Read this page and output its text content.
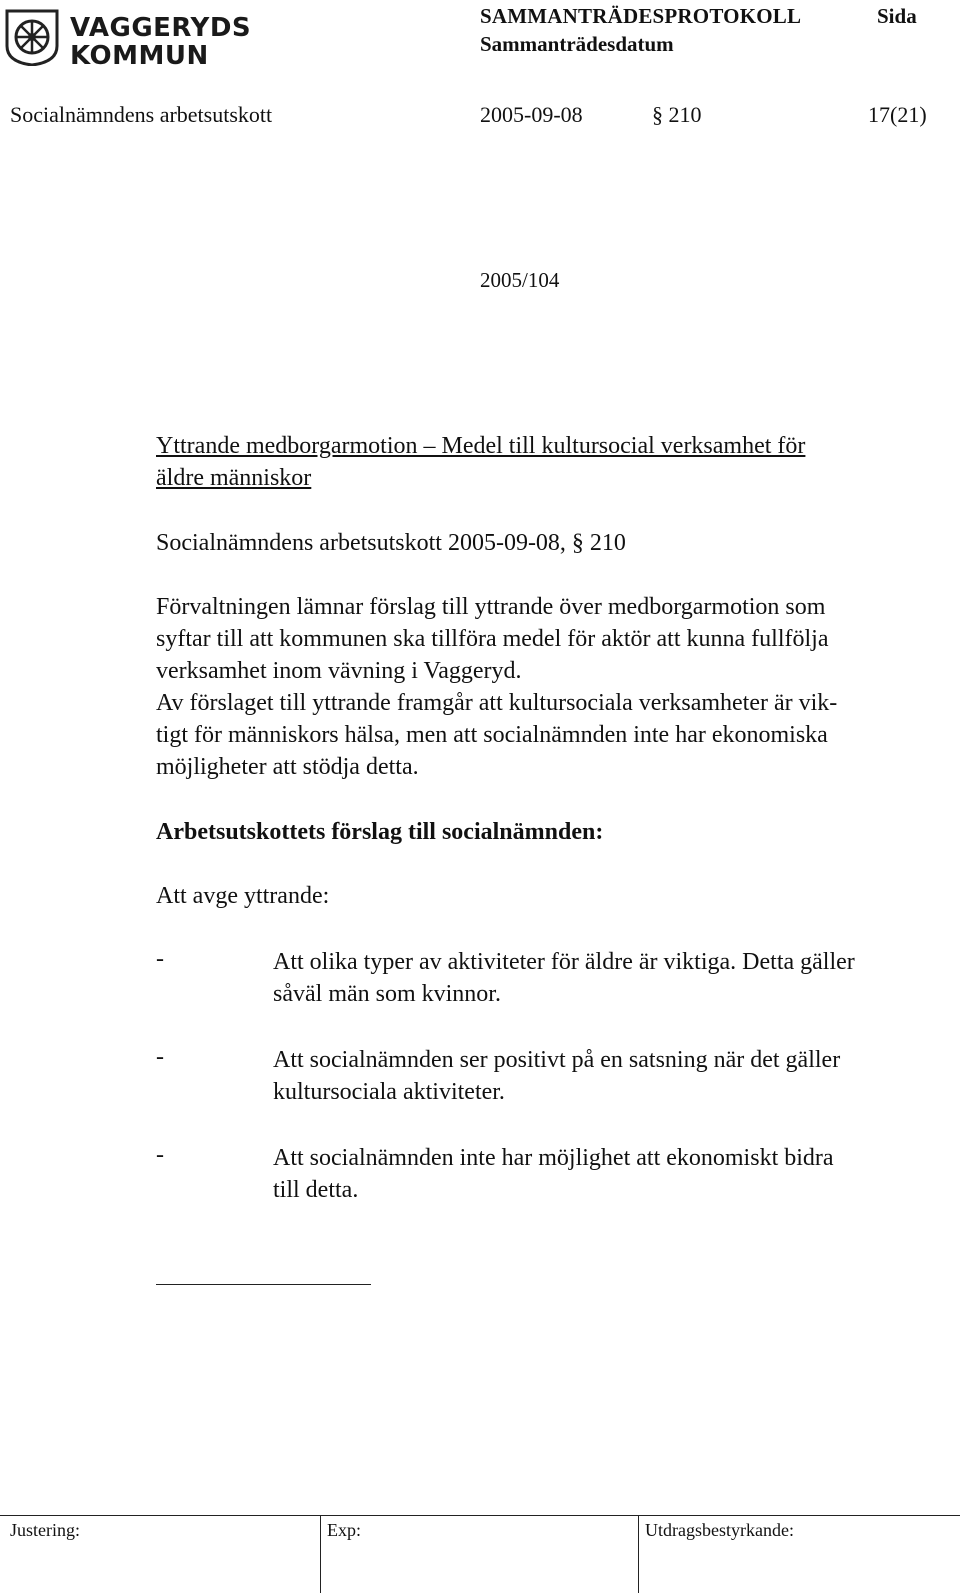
VAGGERYDS
KOMMUN
SAMMANTRÄDESPROTOKOLL	Sida
Sammanträdesdatum
Socialnämndens arbetsutskott	2005-09-08	§ 210	17(21)
2005/104
Yttrande medborgarmotion – Medel till kultursocial verksamhet för
äldre människor
Socialnämndens arbetsutskott 2005-09-08, § 210
Förvaltningen lämnar förslag till yttrande över medborgarmotion som
syftar till att kommunen ska tillföra medel för aktör att kunna fullfölja
verksamhet inom vävning i Vaggeryd.
Av förslaget till yttrande framgår att kultursociala verksamheter är vik-
tigt för människors hälsa, men att socialnämnden inte har ekonomiska
möjligheter att stödja detta.
Arbetsutskottets förslag till socialnämnden:
Att avge yttrande:
-	Att olika typer av aktiviteter för äldre är viktiga. Detta gäller
såväl män som kvinnor.
-	Att socialnämnden ser positivt på en satsning när det gäller
kultursociala aktiviteter.
-	Att socialnämnden inte har möjlighet att ekonomiskt bidra
till detta.
Justering:	Exp:	Utdragsbestyrkande:
